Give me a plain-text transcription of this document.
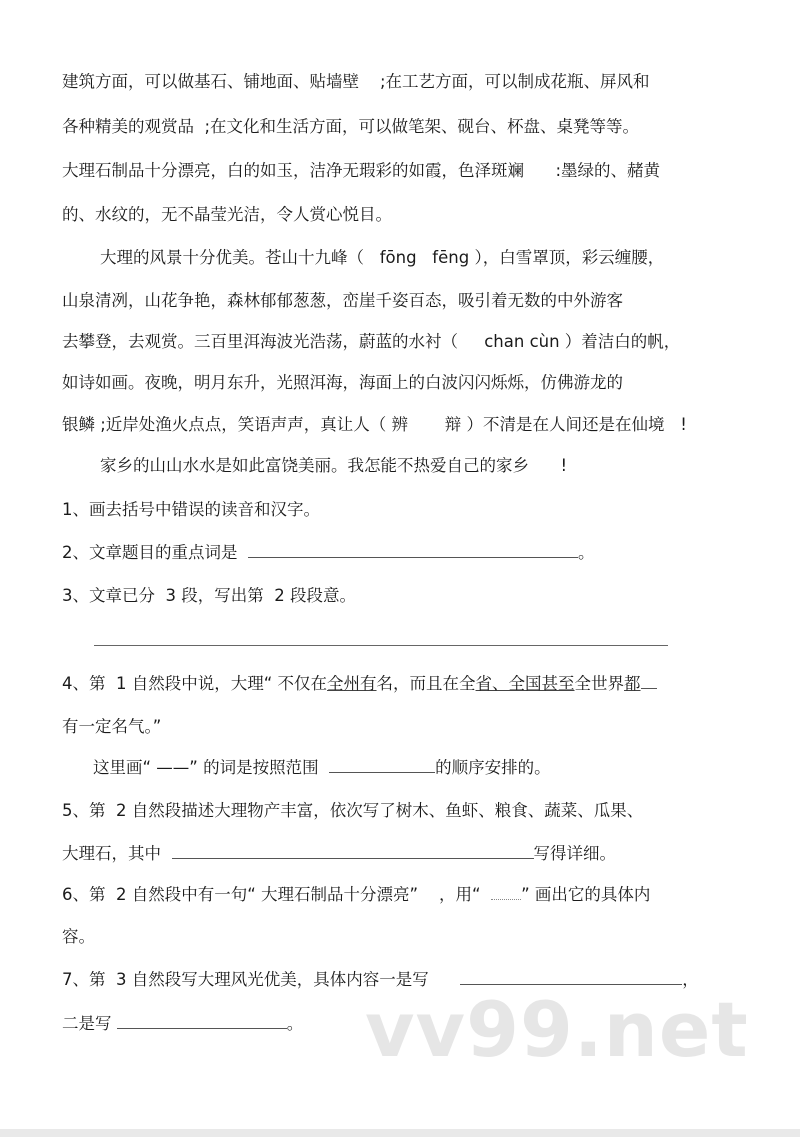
建筑方面，可以做基石、铺地面、贴墙壁    ;在工艺方面，可以制成花瓶、屏风和
各种精美的观赏品  ;在文化和生活方面，可以做笔架、砚台、杯盘、桌凳等等。
大理石制品十分漂亮，白的如玉，洁净无瑕彩的如霞，色泽斑斓      :墨绿的、赭黄
的、水纹的，无不晶莹光洁，令人赏心悦目。
大理的风景十分优美。苍山十九峰（   fōng   fēng ），白雪罩顶，彩云缠腰，
山泉清冽，山花争艳，森林郁郁葱葱，峦崖千姿百态，吸引着无数的中外游客
去攀登，去观赏。三百里洱海波光浩荡，蔚蓝的水衬（     chan cùn ）着洁白的帆，
如诗如画。夜晚，明月东升，光照洱海，海面上的白波闪闪烁烁，仿佛游龙的
银鳞 ;近岸处渔火点点，笑语声声，真让人（ 辨       辩 ）不清是在人间还是在仙境   !
家乡的山山水水是如此富饶美丽。我怎能不热爱自己的家乡      !
1、画去括号中错误的读音和汉字。
2、文章题目的重点词是	。
3、文章已分  3 段，写出第  2 段段意。
4、第  1 自然段中说，大理“ 不仅在全州有名，而且在全省、全国甚至全世界都
有一定名气。”
这里画“ ——” 的词是按照范围	的顺序安排的。
5、第  2 自然段描述大理物产丰富，依次写了树木、鱼虾、粮食、蔬菜、瓜果、
大理石，其中	写得详细。
6、第  2 自然段中有一句“ 大理石制品十分漂亮”    ，用“  ” 画出它的具体内
容。
7、第  3 自然段写大理风光优美，具体内容一是写	，
二是写	。 vv99.net
